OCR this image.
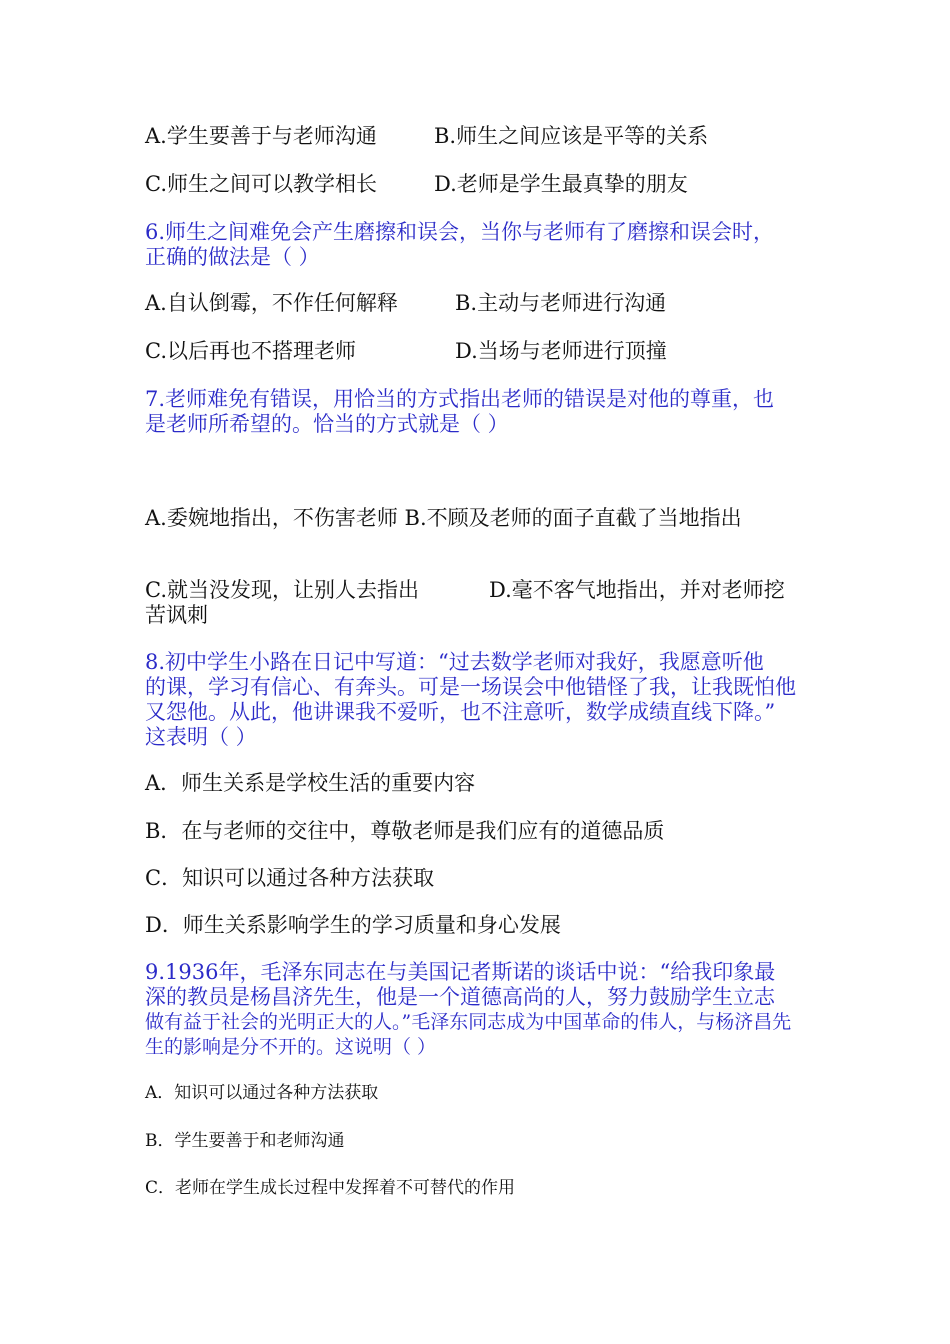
A.学生要善于与老师沟通	B.师生之间应该是平等的关系
C.师生之间可以教学相长	D.老师是学生最真挚的朋友
6.师生之间难免会产生磨擦和误会，当你与老师有了磨擦和误会时，
正确的做法是（ ）
A.自认倒霉，不作任何解释	B.主动与老师进行沟通
C.以后再也不搭理老师	D.当场与老师进行顶撞
7.老师难免有错误，用恰当的方式指出老师的错误是对他的尊重，也
是老师所希望的。恰当的方式就是（ ）
A.委婉地指出，不伤害老师 B.不顾及老师的面子直截了当地指出
C.就当没发现，让别人去指出	D.毫不客气地指出，并对老师挖
苦讽刺
8.初中学生小路在日记中写道：“过去数学老师对我好，我愿意听他
的课，学习有信心、有奔头。可是一场误会中他错怪了我，让我既怕他
又怨他。从此，他讲课我不爱听，也不注意听，数学成绩直线下降。”
这表明（ ）
A．师生关系是学校生活的重要内容
B．在与老师的交往中，尊敬老师是我们应有的道德品质
C．知识可以通过各种方法获取
D．师生关系影响学生的学习质量和身心发展
9.1936年，毛泽东同志在与美国记者斯诺的谈话中说：“给我印象最
深的教员是杨昌济先生，他是一个道德高尚的人，努力鼓励学生立志
做有益于社会的光明正大的人。”毛泽东同志成为中国革命的伟人，与杨济昌先
生的影响是分不开的。这说明（ ）
A．知识可以通过各种方法获取
B．学生要善于和老师沟通
C．老师在学生成长过程中发挥着不可替代的作用
